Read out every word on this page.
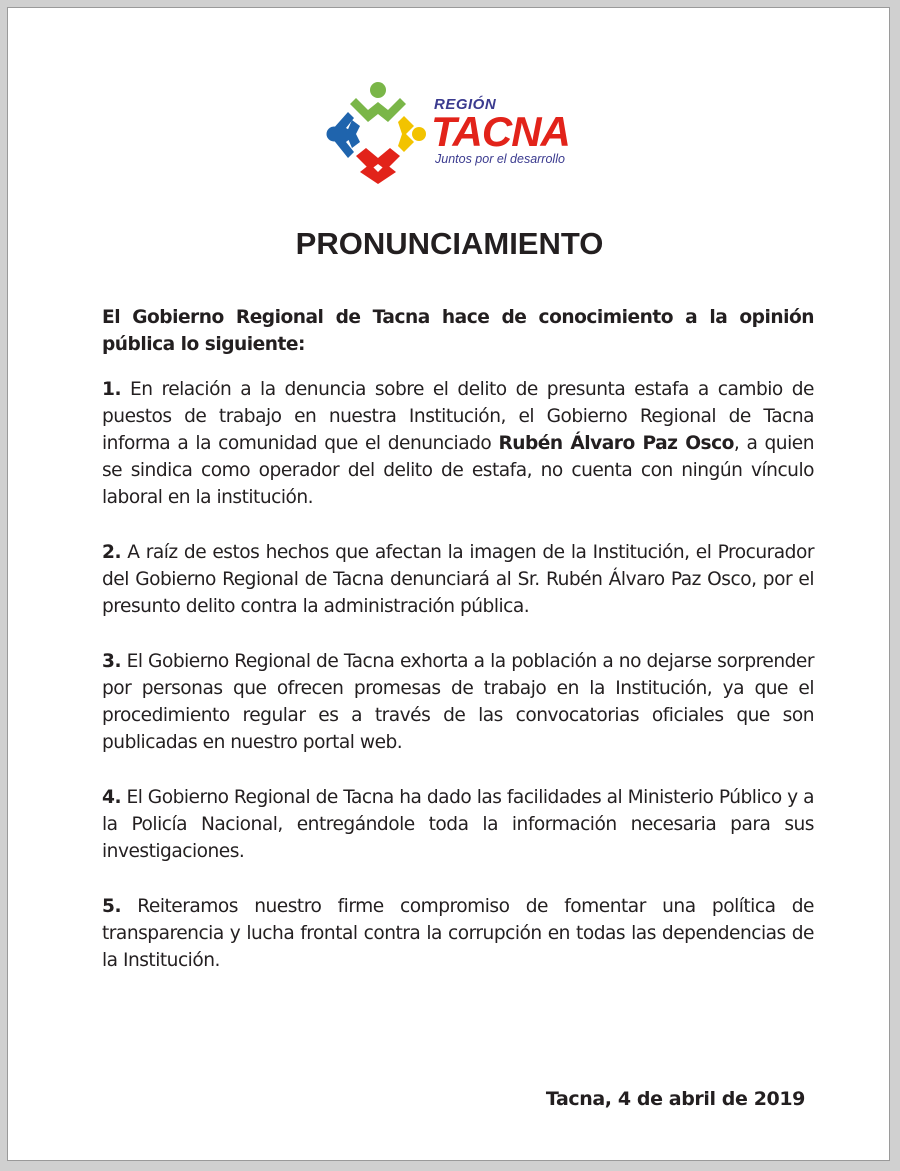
REGIÓN
TACNA
Juntos por el desarrollo
PRONUNCIAMIENTO

El Gobierno Regional de Tacna hace de conocimiento a la opinión pública lo siguiente:

1. En relación a la denuncia sobre el delito de presunta estafa a cambio de puestos de trabajo en nuestra Institución, el Gobierno Regional de Tacna informa a la comunidad que el denunciado Rubén Álvaro Paz Osco, a quien se sindica como operador del delito de estafa, no cuenta con ningún vínculo laboral en la institución.

2. A raíz de estos hechos que afectan la imagen de la Institución, el Procurador del Gobierno Regional de Tacna denunciará al Sr. Rubén Álvaro Paz Osco, por el presunto delito contra la administración pública.

3. El Gobierno Regional de Tacna exhorta a la población a no dejarse sorprender por personas que ofrecen promesas de trabajo en la Institución, ya que el procedimiento regular es a través de las convocatorias oficiales que son publicadas en nuestro portal web.

4. El Gobierno Regional de Tacna ha dado las facilidades al Ministerio Público y a la Policía Nacional, entregándole toda la información necesaria para sus investigaciones.

5. Reiteramos nuestro firme compromiso de fomentar una política de transparencia y lucha frontal contra la corrupción en todas las dependencias de la Institución.

Tacna, 4 de abril de 2019
